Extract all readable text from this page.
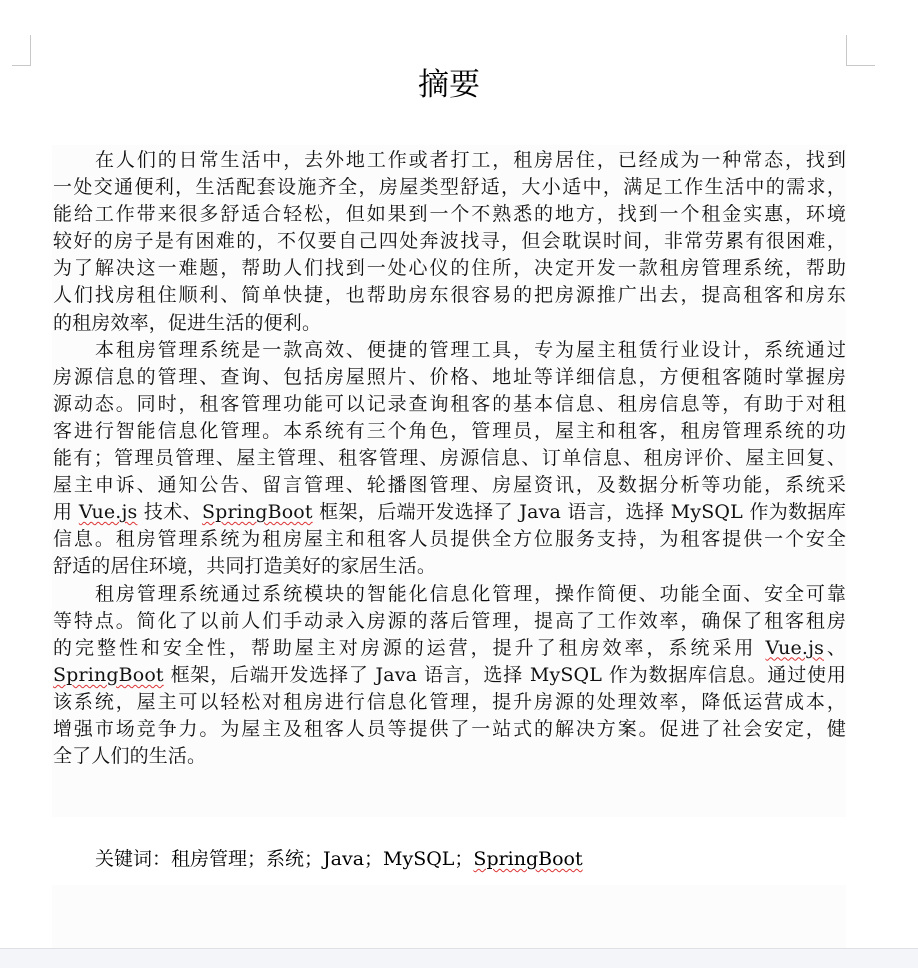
摘要
在人们的日常生活中，去外地工作或者打工，租房居住，已经成为一种常态，找到
一处交通便利，生活配套设施齐全，房屋类型舒适，大小适中，满足工作生活中的需求，
能给工作带来很多舒适合轻松，但如果到一个不熟悉的地方，找到一个租金实惠，环境
较好的房子是有困难的，不仅要自己四处奔波找寻，但会耽误时间，非常劳累有很困难，
为了解决这一难题，帮助人们找到一处心仪的住所，决定开发一款租房管理系统，帮助
人们找房租住顺利、简单快捷，也帮助房东很容易的把房源推广出去，提高租客和房东
的租房效率，促进生活的便利。
本租房管理系统是一款高效、便捷的管理工具，专为屋主租赁行业设计，系统通过
房源信息的管理、查询、包括房屋照片、价格、地址等详细信息，方便租客随时掌握房
源动态。同时，租客管理功能可以记录查询租客的基本信息、租房信息等，有助于对租
客进行智能信息化管理。本系统有三个角色，管理员，屋主和租客，租房管理系统的功
能有；管理员管理、屋主管理、租客管理、房源信息、订单信息、租房评价、屋主回复、
屋主申诉、通知公告、留言管理、轮播图管理、房屋资讯，及数据分析等功能，系统采
用 Vue.js 技术、SpringBoot 框架，后端开发选择了 Java 语言，选择 MySQL 作为数据库
信息。租房管理系统为租房屋主和租客人员提供全方位服务支持，为租客提供一个安全
舒适的居住环境，共同打造美好的家居生活。
租房管理系统通过系统模块的智能化信息化管理，操作简便、功能全面、安全可靠
等特点。简化了以前人们手动录入房源的落后管理，提高了工作效率，确保了租客租房
的完整性和安全性，帮助屋主对房源的运营，提升了租房效率，系统采用 Vue.js、
SpringBoot 框架，后端开发选择了 Java 语言，选择 MySQL 作为数据库信息。通过使用
该系统，屋主可以轻松对租房进行信息化管理，提升房源的处理效率，降低运营成本，
增强市场竞争力。为屋主及租客人员等提供了一站式的解决方案。促进了社会安定，健
全了人们的生活。
关键词：租房管理；系统；Java；MySQL；SpringBoot
